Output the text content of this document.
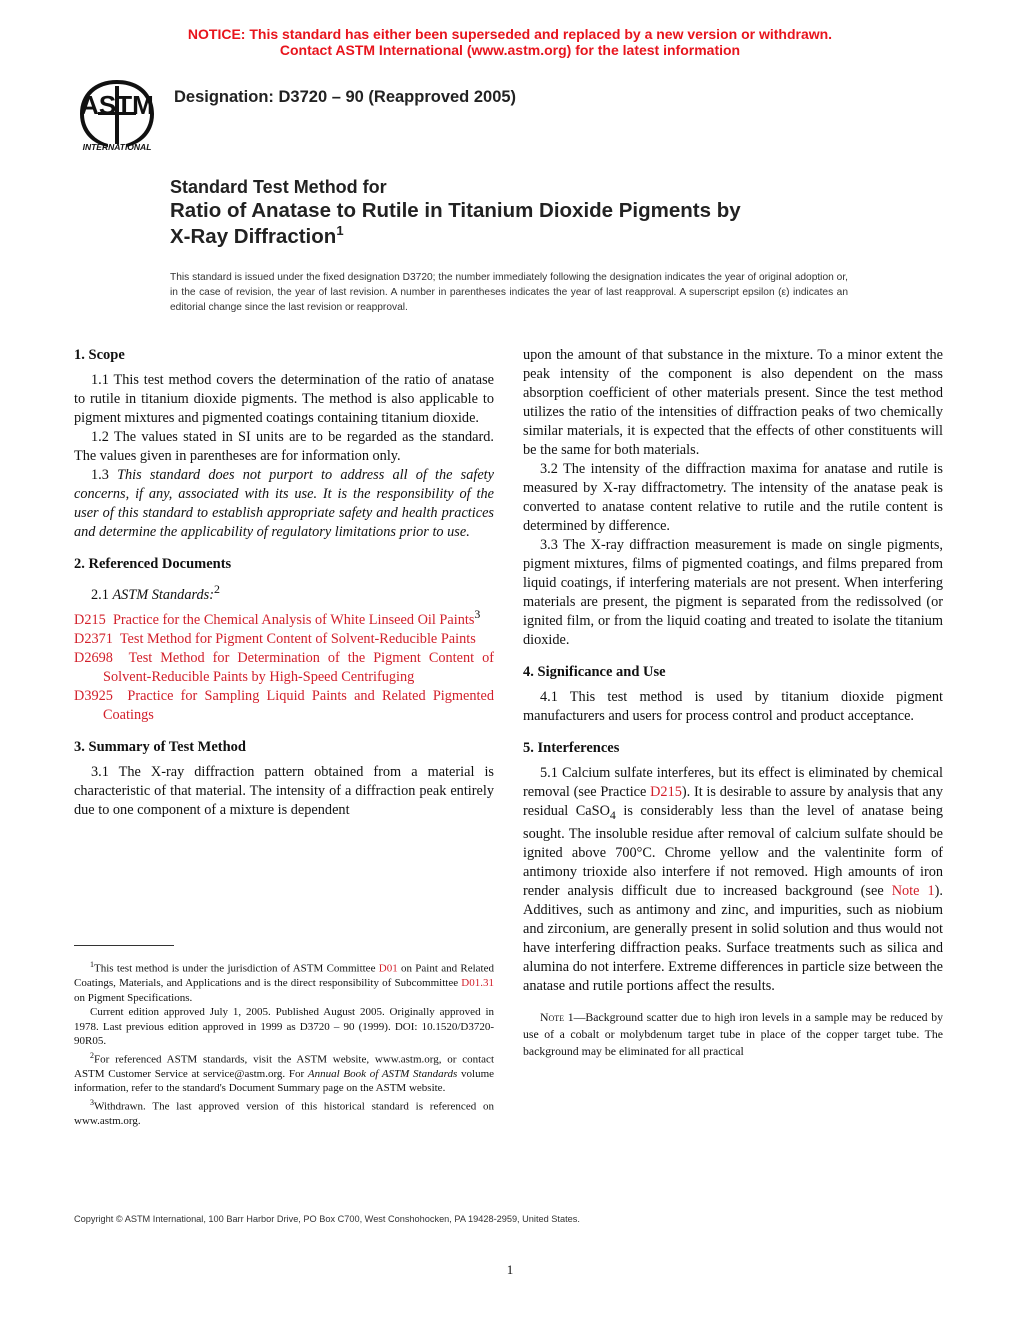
NOTICE: This standard has either been superseded and replaced by a new version or withdrawn.
Contact ASTM International (www.astm.org) for the latest information
ASTM
INTERNATIONAL
Designation: D3720 – 90 (Reapproved 2005)
Standard Test Method for
Ratio of Anatase to Rutile in Titanium Dioxide Pigments by
X-Ray Diffraction$^1$
This standard is issued under the fixed designation D3720; the number immediately following the designation indicates the year of original adoption or, in the case of revision, the year of last revision. A number in parentheses indicates the year of last reapproval. A superscript epsilon (ε) indicates an editorial change since the last revision or reapproval.
1. Scope

1.1 This test method covers the determination of the ratio of anatase to rutile in titanium dioxide pigments. The method is also applicable to pigment mixtures and pigmented coatings containing titanium dioxide.

1.2 The values stated in SI units are to be regarded as the standard. The values given in parentheses are for information only.

1.3 This standard does not purport to address all of the safety concerns, if any, associated with its use. It is the responsibility of the user of this standard to establish appropriate safety and health practices and determine the applicability of regulatory limitations prior to use.

2. Referenced Documents

2.1 ASTM Standards:$^2$

D215 Practice for the Chemical Analysis of White Linseed Oil Paints$^3$
D2371 Test Method for Pigment Content of Solvent-Reducible Paints
D2698 Test Method for Determination of the Pigment Content of Solvent-Reducible Paints by High-Speed Centrifuging
D3925 Practice for Sampling Liquid Paints and Related Pigmented Coatings
3. Summary of Test Method

3.1 The X-ray diffraction pattern obtained from a material is characteristic of that material. The intensity of a diffraction peak entirely due to one component of a mixture is dependent

$^1$This test method is under the jurisdiction of ASTM Committee D01 on Paint and Related Coatings, Materials, and Applications and is the direct responsibility of Subcommittee D01.31 on Pigment Specifications.

Current edition approved July 1, 2005. Published August 2005. Originally approved in 1978. Last previous edition approved in 1999 as D3720 – 90 (1999). DOI: 10.1520/D3720-90R05.

$^2$For referenced ASTM standards, visit the ASTM website, www.astm.org, or contact ASTM Customer Service at service@astm.org. For Annual Book of ASTM Standards volume information, refer to the standard's Document Summary page on the ASTM website.

$^3$Withdrawn. The last approved version of this historical standard is referenced on www.astm.org.

upon the amount of that substance in the mixture. To a minor extent the peak intensity of the component is also dependent on the mass absorption coefficient of other materials present. Since the test method utilizes the ratio of the intensities of diffraction peaks of two chemically similar materials, it is expected that the effects of other constituents will be the same for both materials.

3.2 The intensity of the diffraction maxima for anatase and rutile is measured by X-ray diffractometry. The intensity of the anatase peak is converted to anatase content relative to rutile and the rutile content is determined by difference.

3.3 The X-ray diffraction measurement is made on single pigments, pigment mixtures, films of pigmented coatings, and films prepared from liquid coatings, if interfering materials are not present. When interfering materials are present, the pigment is separated from the redissolved (or ignited film, or from the liquid coating and treated to isolate the titanium dioxide.

4. Significance and Use

4.1 This test method is used by titanium dioxide pigment manufacturers and users for process control and product acceptance.

5. Interferences

5.1 Calcium sulfate interferes, but its effect is eliminated by chemical removal (see Practice D215). It is desirable to assure by analysis that any residual CaSO$_4$ is considerably less than the level of anatase being sought. The insoluble residue after removal of calcium sulfate should be ignited above 700°C. Chrome yellow and the valentinite form of antimony trioxide also interfere if not removed. High amounts of iron render analysis difficult due to increased background (see Note 1). Additives, such as antimony and zinc, and impurities, such as niobium and zirconium, are generally present in solid solution and thus would not have interfering diffraction peaks. Surface treatments such as silica and alumina do not interfere. Extreme differences in particle size between the anatase and rutile portions affect the results.

Note 1—Background scatter due to high iron levels in a sample may be reduced by use of a cobalt or molybdenum target tube in place of the copper target tube. The background may be eliminated for all practical
Copyright © ASTM International, 100 Barr Harbor Drive, PO Box C700, West Conshohocken, PA 19428-2959, United States.
1
